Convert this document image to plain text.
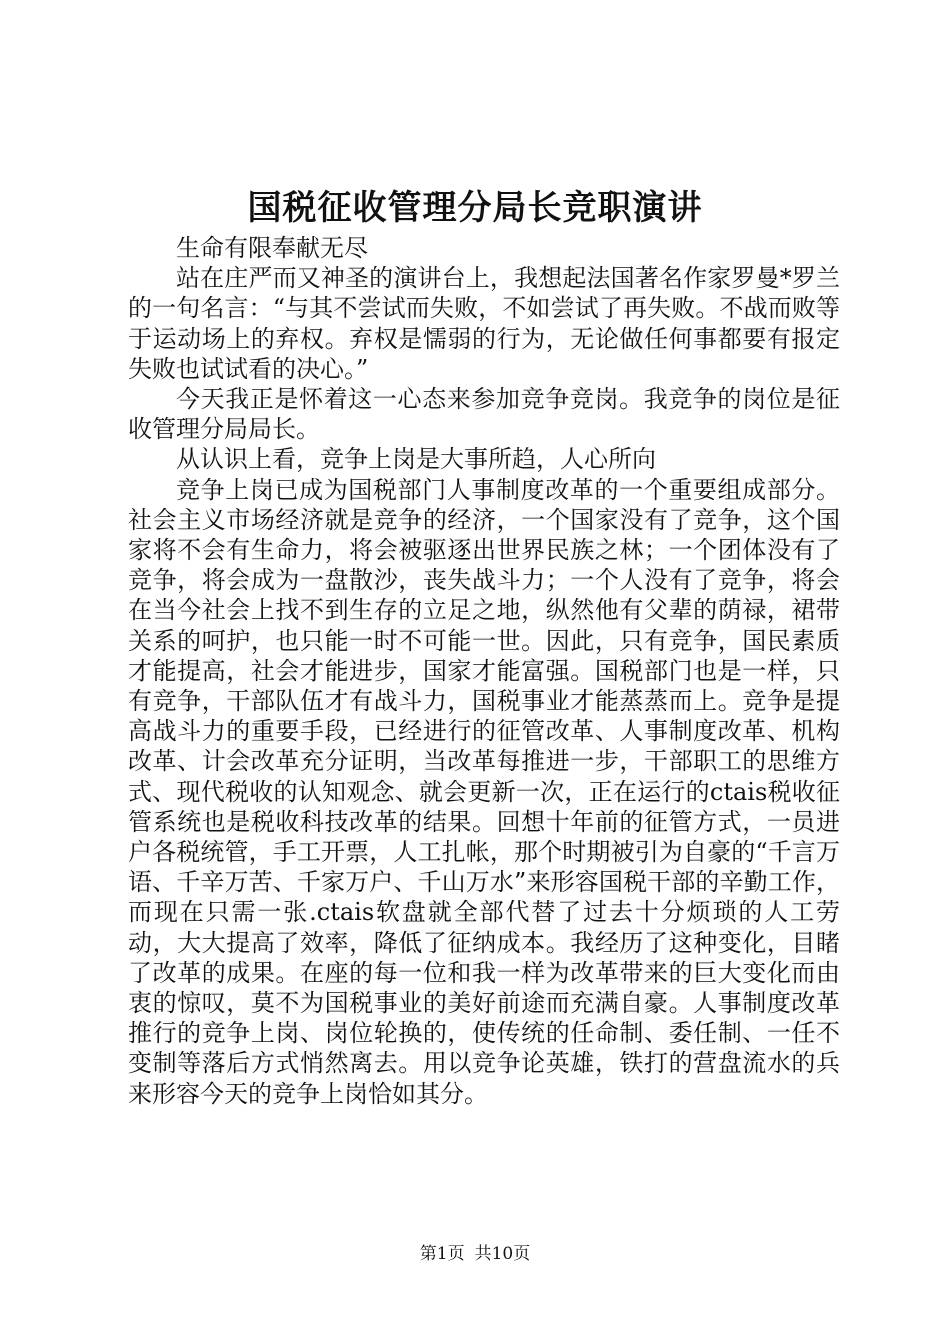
国税征收管理分局长竞职演讲

生命有限奉献无尽

站在庄严而又神圣的演讲台上，我想起法国著名作家罗曼*罗兰的一句名言：“与其不尝试而失败，不如尝试了再失败。不战而败等于运动场上的弃权。弃权是懦弱的行为，无论做任何事都要有报定失败也试试看的决心。”

今天我正是怀着这一心态来参加竞争竞岗。我竞争的岗位是征收管理分局局长。

从认识上看，竞争上岗是大事所趋，人心所向

竞争上岗已成为国税部门人事制度改革的一个重要组成部分。社会主义市场经济就是竞争的经济，一个国家没有了竞争，这个国家将不会有生命力，将会被驱逐出世界民族之林；一个团体没有了竞争，将会成为一盘散沙，丧失战斗力；一个人没有了竞争，将会在当今社会上找不到生存的立足之地，纵然他有父辈的荫禄，裙带关系的呵护，也只能一时不可能一世。因此，只有竞争，国民素质才能提高，社会才能进步，国家才能富强。国税部门也是一样，只有竞争，干部队伍才有战斗力，国税事业才能蒸蒸而上。竞争是提高战斗力的重要手段，已经进行的征管改革、人事制度改革、机构改革、计会改革充分证明，当改革每推进一步，干部职工的思维方式、现代税收的认知观念、就会更新一次，正在运行的ctais税收征管系统也是税收科技改革的结果。回想十年前的征管方式，一员进户各税统管，手工开票，人工扎帐，那个时期被引为自豪的“千言万语、千辛万苦、千家万户、千山万水”来形容国税干部的辛勤工作，而现在只需一张.ctais软盘就全部代替了过去十分烦琐的人工劳动，大大提高了效率，降低了征纳成本。我经历了这种变化，目睹了改革的成果。在座的每一位和我一样为改革带来的巨大变化而由衷的惊叹，莫不为国税事业的美好前途而充满自豪。人事制度改革推行的竞争上岗、岗位轮换的，使传统的任命制、委任制、一任不变制等落后方式悄然离去。用以竞争论英雄，铁打的营盘流水的兵来形容今天的竞争上岗恰如其分。

第1页 共10页
